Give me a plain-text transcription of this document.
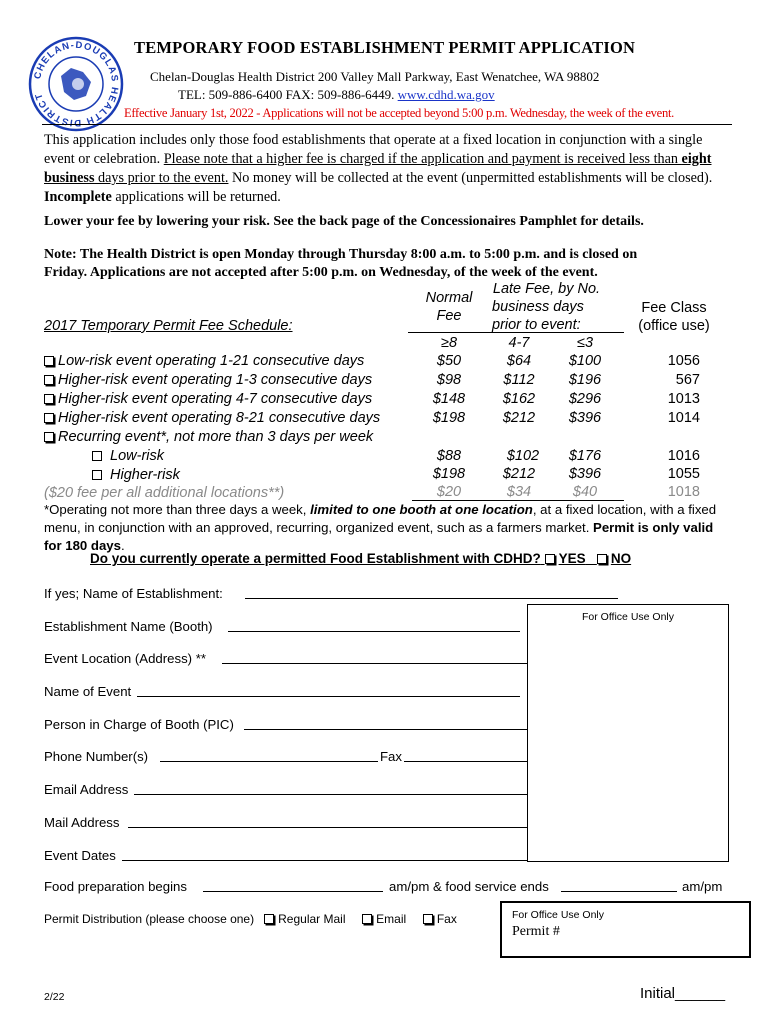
CHELAN-DOUGLAS HEALTH DISTRICT
TEMPORARY FOOD ESTABLISHMENT PERMIT APPLICATION
Chelan-Douglas Health District 200 Valley Mall Parkway, East Wenatchee, WA 98802
TEL: 509-886-6400 FAX: 509-886-6449. www.cdhd.wa.gov
Effective January 1st, 2022 - Applications will not be accepted beyond 5:00 p.m. Wednesday, the week of the event.
This application includes only those food establishments that operate at a fixed location in conjunction with a single event or celebration. Please note that a higher fee is charged if the application and payment is received less than eight business days prior to the event. No money will be collected at the event (unpermitted establishments will be closed). Incomplete applications will be returned.
Lower your fee by lowering your risk. See the back page of the Concessionaires Pamphlet for details.
Note: The Health District is open Monday through Thursday 8:00 a.m. to 5:00 p.m. and is closed on
Friday. Applications are not accepted after 5:00 p.m. on Wednesday, of the week of the event.
Normal
Fee
Late Fee, by No.
business days
prior to event:
Fee Class
(office use)
2017 Temporary Permit Fee Schedule:
≥8	4-7	≤3
Low-risk event operating 1-21 consecutive days	$50	$64	$100	1056
Higher-risk event operating 1-3 consecutive days	$98	$112	$196	567
Higher-risk event operating 4-7 consecutive days	$148	$162	$296	1013
Higher-risk event operating 8-21 consecutive days	$198	$212	$396	1014
Recurring event*, not more than 3 days per week
Low-risk	$88	$102	$176	1016
Higher-risk	$198	$212	$396	1055
($20 fee per all additional locations**)	$20	$34	$40	1018
*Operating not more than three days a week, limited to one booth at one location, at a fixed location, with a fixed menu, in conjunction with an approved, recurring, organized event, such as a farmers market. Permit is only valid for 180 days.
Do you currently operate a permitted Food Establishment with CDHD? YES NO
If yes; Name of Establishment:
Establishment Name (Booth)
Event Location (Address) **
Name of Event
Person in Charge of Booth (PIC)
Phone Number(s)	Fax
Email Address
Mail Address
Event Dates
Food preparation begins	am/pm & food service ends	am/pm
Permit Distribution (please choose one) Regular Mail	Email	Fax
For Office Use Only
For Office Use Only
Permit #
2/22	Initial______
